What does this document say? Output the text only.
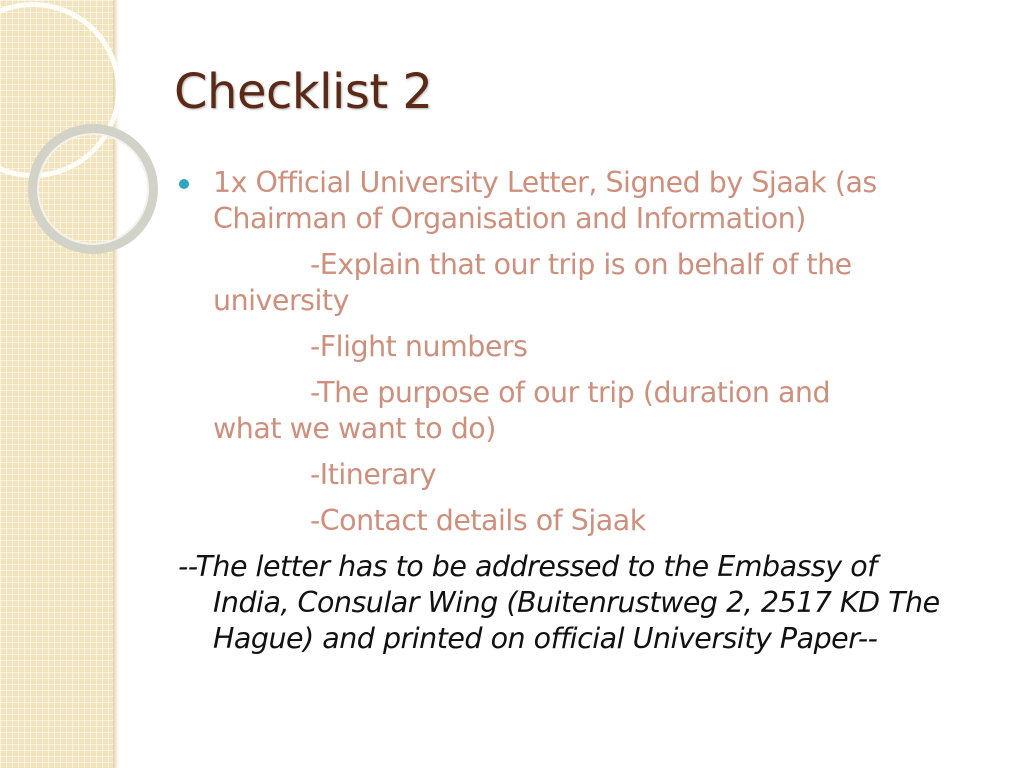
Checklist 2
1x Official University Letter, Signed by Sjaak (as
Chairman of Organisation and Information)
-Explain that our trip is on behalf of the
university
-Flight numbers
-The purpose of our trip (duration and
what we want to do)
-Itinerary
-Contact details of Sjaak
--The letter has to be addressed to the Embassy of
India, Consular Wing (Buitenrustweg 2, 2517 KD The
Hague) and printed on official University Paper--
